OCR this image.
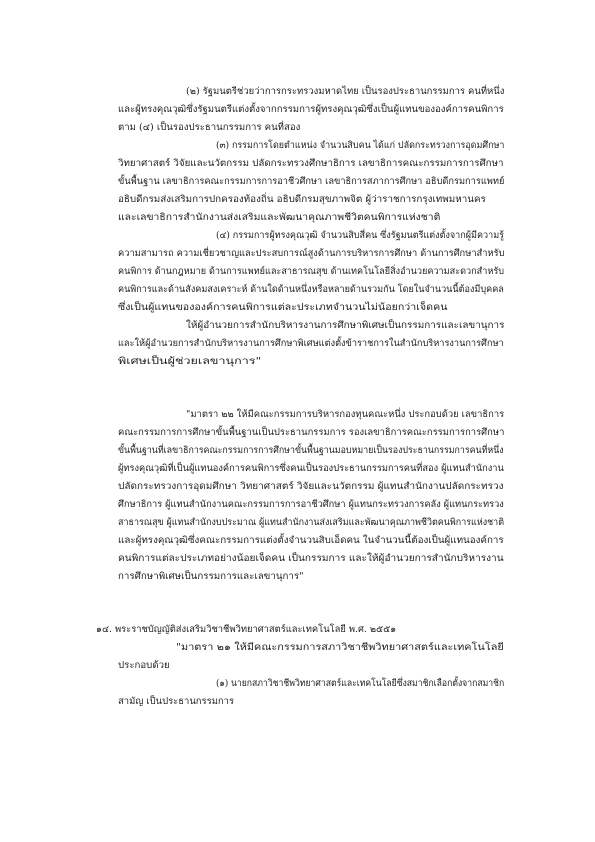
(๒) รัฐมนตรีช่วยว่าการกระทรวงมหาดไทย เป็นรองประธานกรรมการ คนที่หนึ่ง
และผู้ทรงคุณวุฒิซึ่งรัฐมนตรีแต่งตั้งจากกรรมการผู้ทรงคุณวุฒิซึ่งเป็นผู้แทนขององค์การคนพิการ
ตาม (๔) เป็นรองประธานกรรมการ คนที่สอง
(๓) กรรมการโดยตำแหน่ง จำนวนสิบคน ได้แก่ ปลัดกระทรวงการอุดมศึกษา
วิทยาศาสตร์ วิจัยและนวัตกรรม ปลัดกระทรวงศึกษาธิการ เลขาธิการคณะกรรมการการศึกษา
ขั้นพื้นฐาน เลขาธิการคณะกรรมการการอาชีวศึกษา เลขาธิการสภาการศึกษา อธิบดีกรมการแพทย์
อธิบดีกรมส่งเสริมการปกครองท้องถิ่น อธิบดีกรมสุขภาพจิต ผู้ว่าราชการกรุงเทพมหานคร
และเลขาธิการสำนักงานส่งเสริมและพัฒนาคุณภาพชีวิตคนพิการแห่งชาติ
(๔) กรรมการผู้ทรงคุณวุฒิ จำนวนสิบสี่คน ซึ่งรัฐมนตรีแต่งตั้งจากผู้มีความรู้
ความสามารถ ความเชี่ยวชาญและประสบการณ์สูงด้านการบริหารการศึกษา ด้านการศึกษาสำหรับ
คนพิการ ด้านกฎหมาย ด้านการแพทย์และสาธารณสุข ด้านเทคโนโลยีสิ่งอำนวยความสะดวกสำหรับ
คนพิการและด้านสังคมสงเคราะห์ ด้านใดด้านหนึ่งหรือหลายด้านรวมกัน โดยในจำนวนนี้ต้องมีบุคคล
ซึ่งเป็นผู้แทนขององค์การคนพิการแต่ละประเภทจำนวนไม่น้อยกว่าเจ็ดคน
ให้ผู้อำนวยการสำนักบริหารงานการศึกษาพิเศษเป็นกรรมการและเลขานุการ
และให้ผู้อำนวยการสำนักบริหารงานการศึกษาพิเศษแต่งตั้งข้าราชการในสำนักบริหารงานการศึกษา
พิเศษเป็นผู้ช่วยเลขานุการ"
"มาตรา ๒๒ ให้มีคณะกรรมการบริหารกองทุนคณะหนึ่ง ประกอบด้วย เลขาธิการ
คณะกรรมการการศึกษาขั้นพื้นฐานเป็นประธานกรรมการ รองเลขาธิการคณะกรรมการการศึกษา
ขั้นพื้นฐานที่เลขาธิการคณะกรรมการการศึกษาขั้นพื้นฐานมอบหมายเป็นรองประธานกรรมการคนที่หนึ่ง
ผู้ทรงคุณวุฒิที่เป็นผู้แทนองค์การคนพิการซึ่งคนเป็นรองประธานกรรมการคนที่สอง ผู้แทนสำนักงาน
ปลัดกระทรวงการอุดมศึกษา วิทยาศาสตร์ วิจัยและนวัตกรรม ผู้แทนสำนักงานปลัดกระทรวง
ศึกษาธิการ ผู้แทนสำนักงานคณะกรรมการการอาชีวศึกษา ผู้แทนกระทรวงการคลัง ผู้แทนกระทรวง
สาธารณสุข ผู้แทนสำนักงบประมาณ ผู้แทนสำนักงานส่งเสริมและพัฒนาคุณภาพชีวิตคนพิการแห่งชาติ
และผู้ทรงคุณวุฒิซึ่งคณะกรรมการแต่งตั้งจำนวนสิบเอ็ดคน ในจำนวนนี้ต้องเป็นผู้แทนองค์การ
คนพิการแต่ละประเภทอย่างน้อยเจ็ดคน เป็นกรรมการ และให้ผู้อำนวยการสำนักบริหารงาน
การศึกษาพิเศษเป็นกรรมการและเลขานุการ"
๑๔. พระราชบัญญัติส่งเสริมวิชาชีพวิทยาศาสตร์และเทคโนโลยี พ.ศ. ๒๕๕๑
"มาตรา ๒๑ ให้มีคณะกรรมการสภาวิชาชีพวิทยาศาสตร์และเทคโนโลยี
ประกอบด้วย
(๑) นายกสภาวิชาชีพวิทยาศาสตร์และเทคโนโลยีซึ่งสมาชิกเลือกตั้งจากสมาชิก
สามัญ เป็นประธานกรรมการ
